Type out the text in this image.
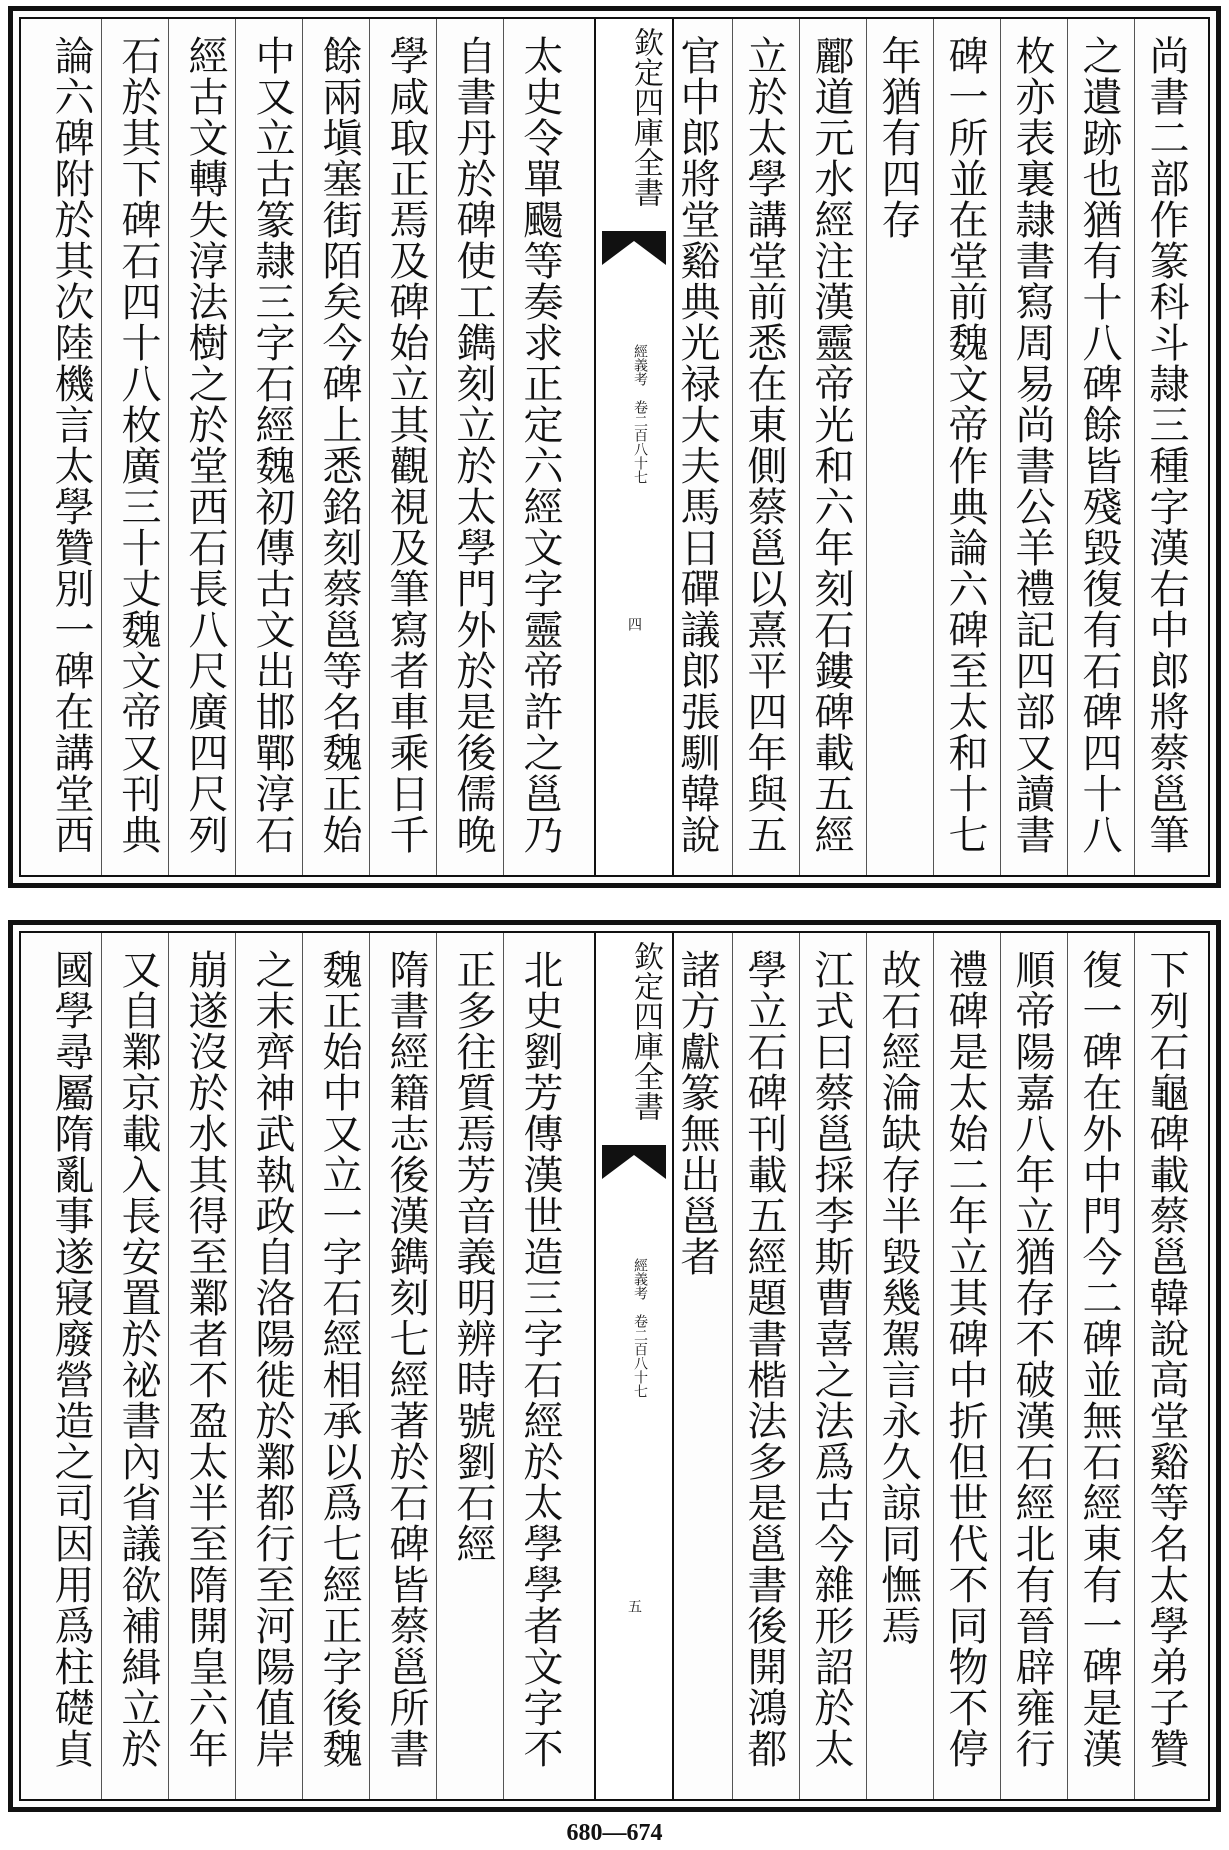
尚書二部作篆科斗隷三種字漢右中郎將蔡邕筆
之遺跡也猶有十八碑餘皆殘毀復有石碑四十八
枚亦表裏隷書寫周易尚書公羊禮記四部又讀書
碑一所並在堂前魏文帝作典論六碑至太和十七
年猶有四存
酈道元水經注漢靈帝光和六年刻石鏤碑載五經
立於太學講堂前悉在東側蔡邕以熹平四年與五
官中郎將堂谿典光禄大夫馬日磾議郎張馴韓說
欽定四庫全書
經義考　卷二百八十七
四
太史令單颺等奏求正定六經文字靈帝許之邕乃
自書丹於碑使工鐫刻立於太學門外於是後儒晚
學咸取正焉及碑始立其觀視及筆寫者車乘日千
餘兩塡塞街陌矣今碑上悉銘刻蔡邕等名魏正始
中又立古篆隷三字石經魏初傳古文出邯鄲淳石
經古文轉失淳法樹之於堂西石長八尺廣四尺列
石於其下碑石四十八枚廣三十丈魏文帝又刊典
論六碑附於其次陸機言太學贊別一碑在講堂西
下列石龜碑載蔡邕韓說高堂谿等名太學弟子贊
復一碑在外中門今二碑並無石經東有一碑是漢
順帝陽嘉八年立猶存不破漢石經北有晉辟雍行
禮碑是太始二年立其碑中折但世代不同物不停
故石經淪缺存半毀幾駕言永久諒同憮焉
江式曰蔡邕採李斯曹喜之法爲古今雜形詔於太
學立石碑刊載五經題書楷法多是邕書後開鴻都
諸方獻篆無出邕者
欽定四庫全書
經義考　卷二百八十七
五
北史劉芳傳漢世造三字石經於太學學者文字不
正多往質焉芳音義明辨時號劉石經
隋書經籍志後漢鐫刻七經著於石碑皆蔡邕所書
魏正始中又立一字石經相承以爲七經正字後魏
之末齊神武執政自洛陽徙於鄴都行至河陽值岸
崩遂沒於水其得至鄴者不盈太半至隋開皇六年
又自鄴京載入長安置於祕書內省議欲補緝立於
國學尋屬隋亂事遂寢廢營造之司因用爲柱礎貞
680—674
